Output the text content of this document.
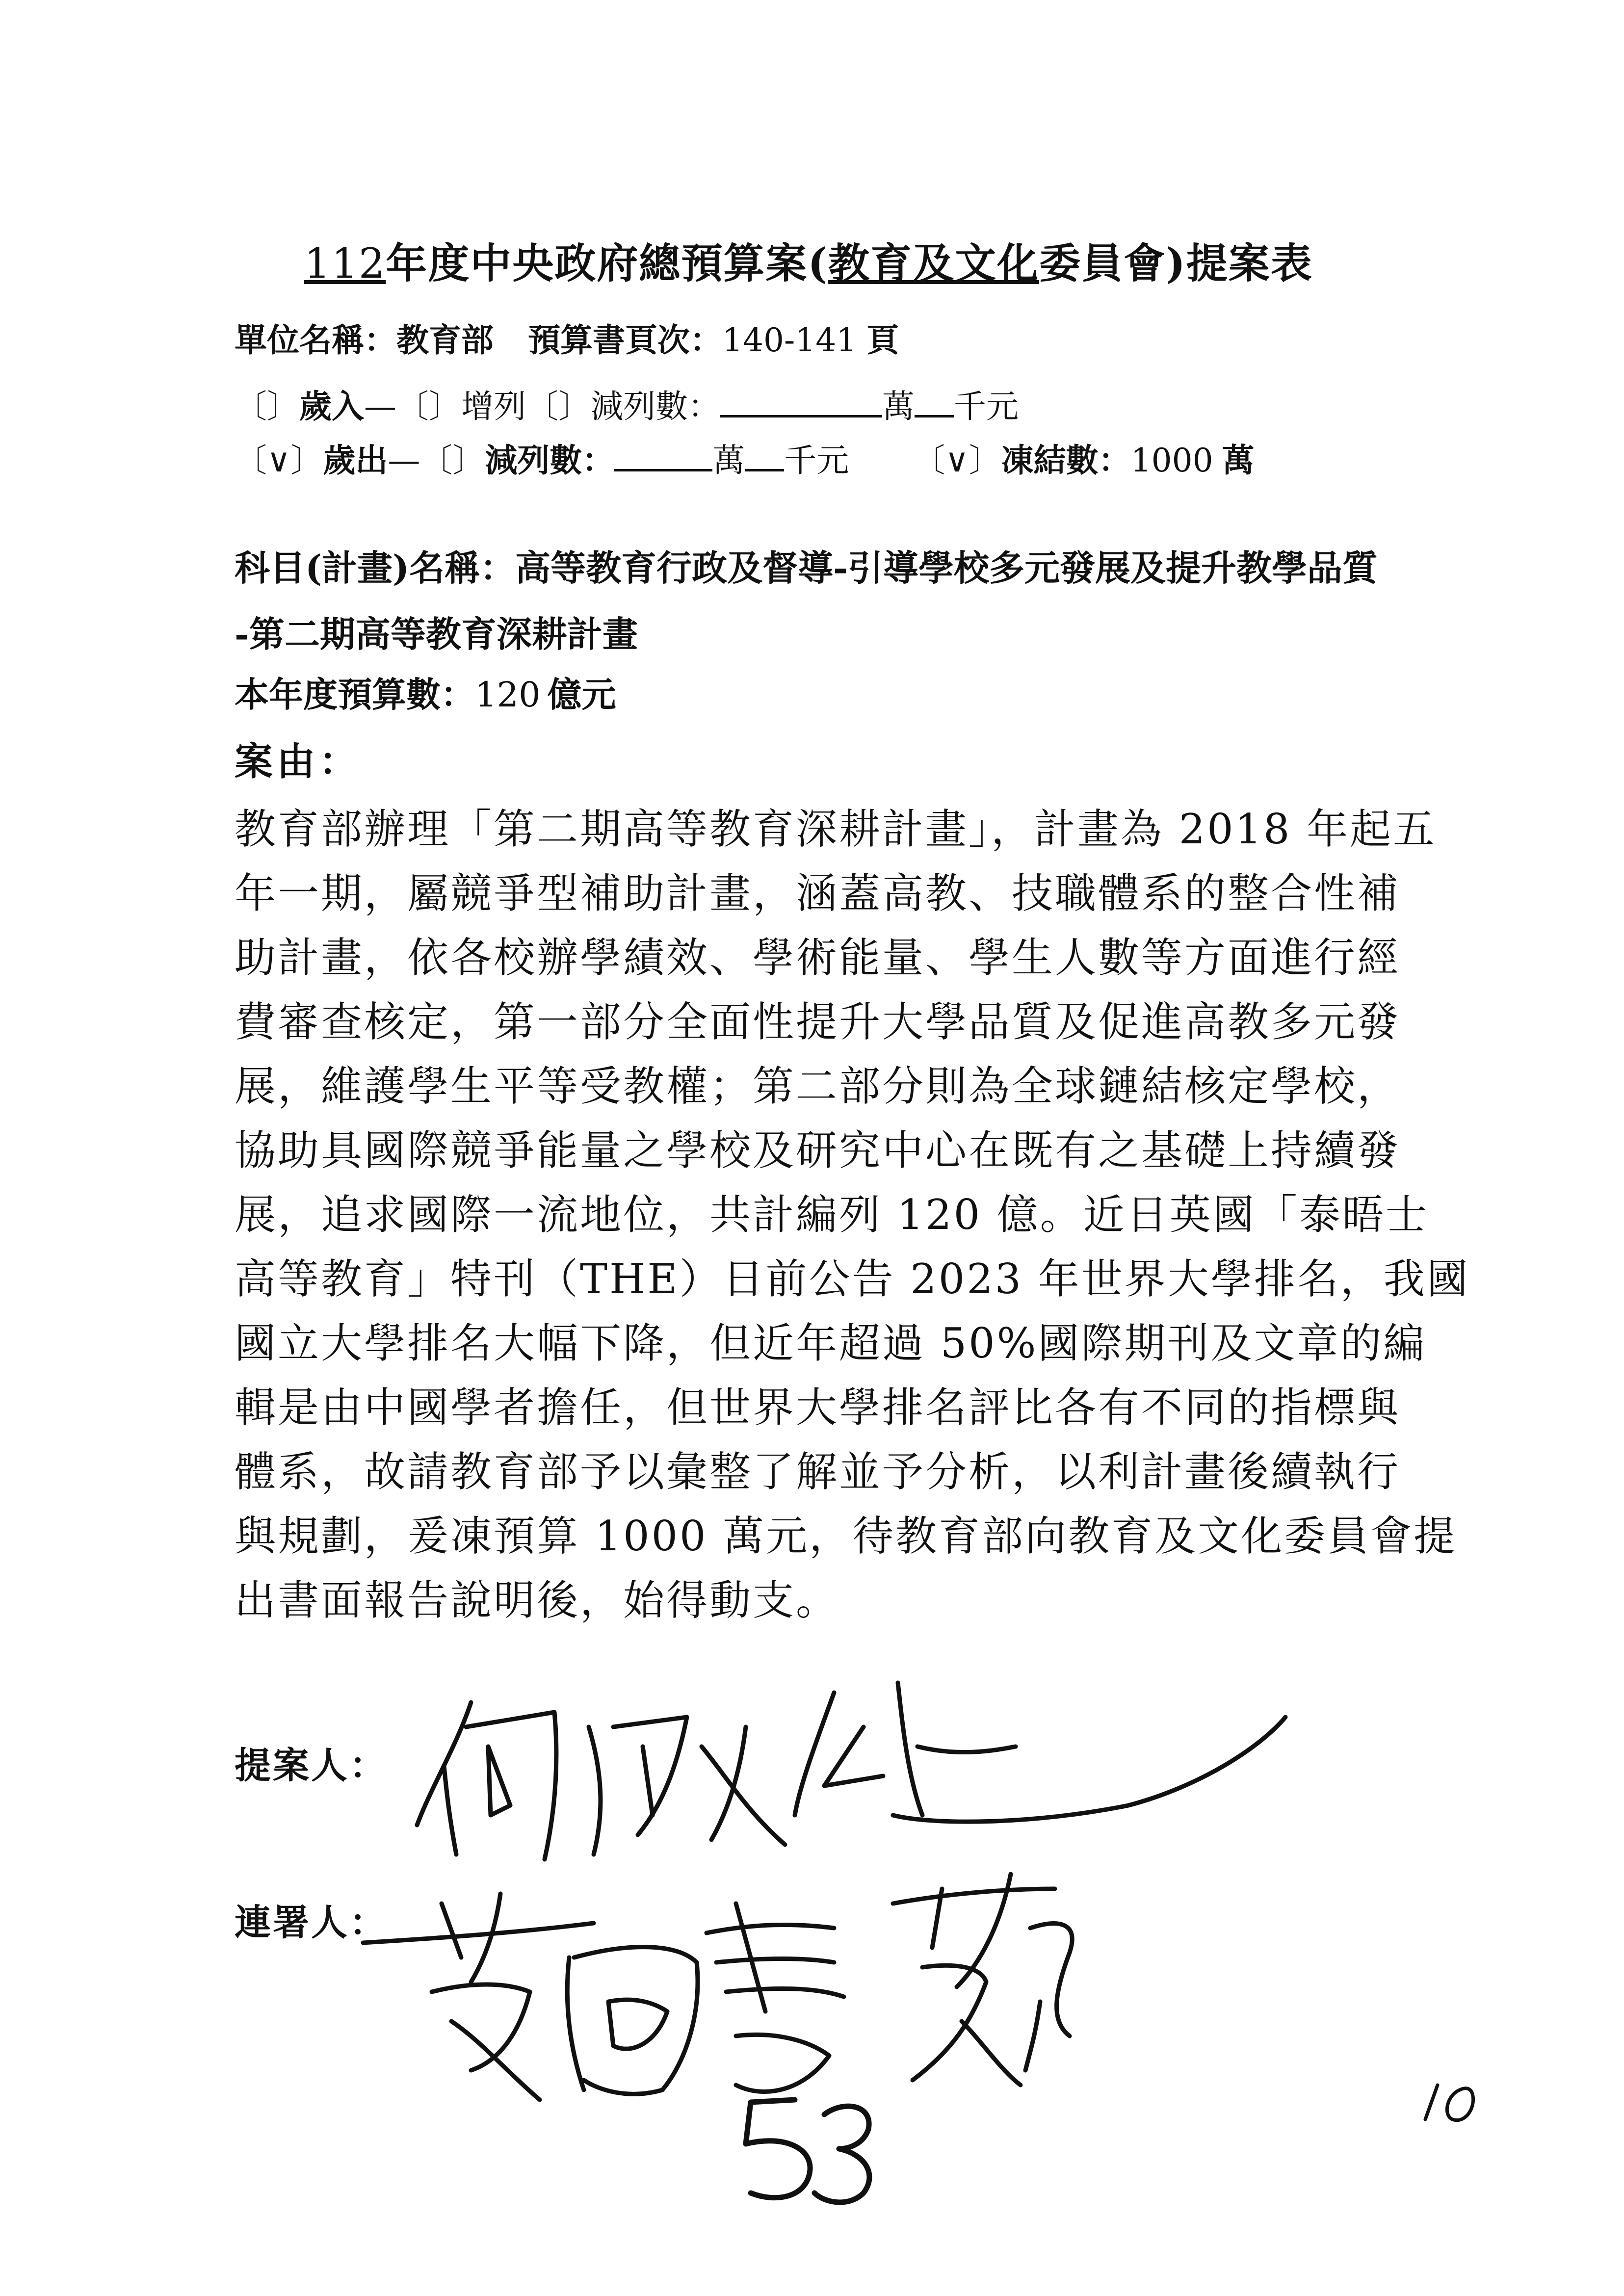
112年度中央政府總預算案(教育及文化委員會)提案表
單位名稱：教育部 預算書頁次：140-141 頁
〔〕歲入—〔〕增列〔〕減列數：	萬 千元
〔∨〕歲出—〔〕減列數：	萬 千元 〔∨〕凍結數：1000 萬
科目(計畫)名稱：高等教育行政及督導-引導學校多元發展及提升教學品質
-第二期高等教育深耕計畫
本年度預算數：120 億元
案由：
教育部辦理「第二期高等教育深耕計畫」，計畫為 2018 年起五
年一期，屬競爭型補助計畫，涵蓋高教、技職體系的整合性補
助計畫，依各校辦學績效、學術能量、學生人數等方面進行經
費審查核定，第一部分全面性提升大學品質及促進高教多元發
展，維護學生平等受教權；第二部分則為全球鏈結核定學校，
協助具國際競爭能量之學校及研究中心在既有之基礎上持續發
展，追求國際一流地位，共計編列 120 億。近日英國「泰晤士
高等教育」特刊（THE）日前公告 2023 年世界大學排名，我國
國立大學排名大幅下降，但近年超過 50%國際期刊及文章的編
輯是由中國學者擔任，但世界大學排名評比各有不同的指標與
體系，故請教育部予以彙整了解並予分析，以利計畫後續執行
與規劃，爰凍預算 1000 萬元，待教育部向教育及文化委員會提
出書面報告說明後，始得動支。
提案人：
連署人：
